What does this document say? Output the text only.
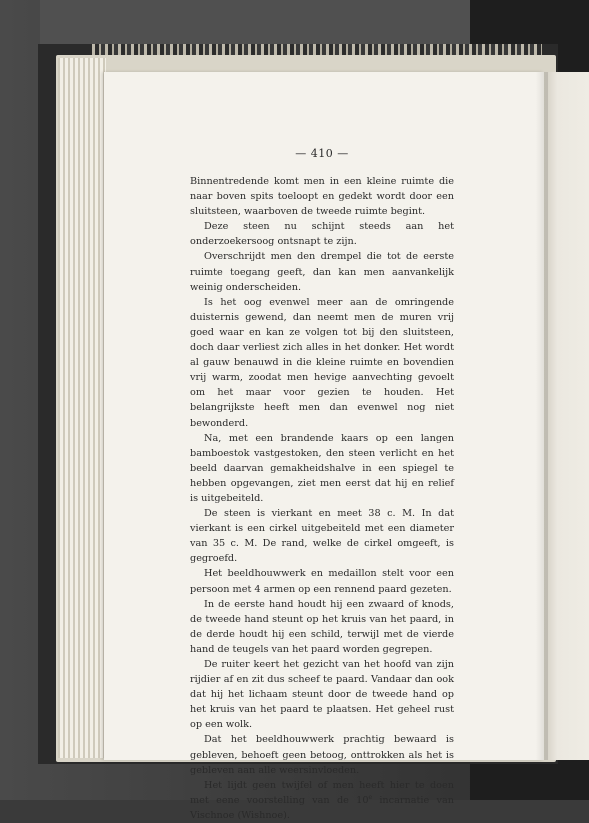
— 410 —

Binnentredende komt men in een kleine ruimte die naar boven spits toeloopt en gedekt wordt door een sluitsteen, waarboven de tweede ruimte begint.

Deze steen nu schijnt steeds aan het onderzoekersoog ontsnapt te zijn.

Overschrijdt men den drempel die tot de eerste ruimte toegang geeft, dan kan men aanvankelijk weinig onderscheiden.

Is het oog evenwel meer aan de omringende duisternis gewend, dan neemt men de muren vrij goed waar en kan ze volgen tot bij den sluitsteen, doch daar verliest zich alles in het donker. Het wordt al gauw benauwd in die kleine ruimte en bovendien vrij warm, zoodat men hevige aanvechting gevoelt om het maar voor gezien te houden. Het belangrijkste heeft men dan evenwel nog niet bewonderd.

Na, met een brandende kaars op een langen bamboestok vastgestoken, den steen verlicht en het beeld daarvan gemakheidshalve in een spiegel te hebben opgevangen, ziet men eerst dat hij en relief is uitgebeiteld.

De steen is vierkant en meet 38 c. M. In dat vierkant is een cirkel uitgebeiteld met een diameter van 35 c. M. De rand, welke de cirkel omgeeft, is gegroefd.

Het beeldhouwwerk en medaillon stelt voor een persoon met 4 armen op een rennend paard gezeten.

In de eerste hand houdt hij een zwaard of knods, de tweede hand steunt op het kruis van het paard, in de derde houdt hij een schild, terwijl met de vierde hand de teugels van het paard worden gegrepen.

De ruiter keert het gezicht van het hoofd van zijn rijdier af en zit dus scheef te paard. Vandaar dan ook dat hij het lichaam steunt door de tweede hand op het kruis van het paard te plaatsen. Het geheel rust op een wolk.

Dat het beeldhouwwerk prachtig bewaard is gebleven, behoeft geen betoog, onttrokken als het is gebleven aan alle weersinvloeden.

Het lijdt geen twijfel of men heeft hier te doen met eene voorstelling van de 10e incarnatie van Vischnoe (Wishnoe).
